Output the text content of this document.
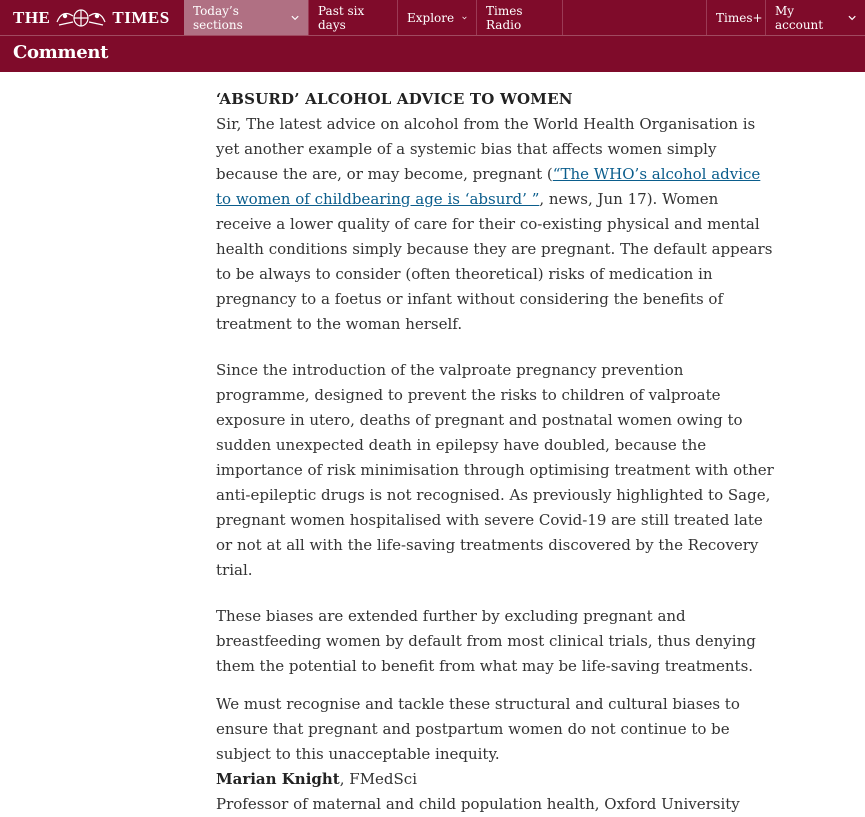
THE	TIMES Today’s sections
Past six days	Explore	Times Radio	Times+ My account
Comment
‘ABSURD’ ALCOHOL ADVICE TO WOMEN

Sir, The latest advice on alcohol from the World Health Organisation is yet another example of a systemic bias that affects women simply because the are, or may become, pregnant (“The WHO’s alcohol advice to women of childbearing age is ‘absurd’ ”, news, Jun 17). Women receive a lower quality of care for their co-existing physical and mental health conditions simply because they are pregnant. The default appears to be always to consider (often theoretical) risks of medication in pregnancy to a foetus or infant without considering the benefits of treatment to the woman herself.

Since the introduction of the valproate pregnancy prevention programme, designed to prevent the risks to children of valproate exposure in utero, deaths of pregnant and postnatal women owing to sudden unexpected death in epilepsy have doubled, because the importance of risk minimisation through optimising treatment with other anti-epileptic drugs is not recognised. As previously highlighted to Sage, pregnant women hospitalised with severe Covid-19 are still treated late or not at all with the life-saving treatments discovered by the Recovery trial.

These biases are extended further by excluding pregnant and breastfeeding women by default from most clinical trials, thus denying them the potential to benefit from what may be life-saving treatments.

We must recognise and tackle these structural and cultural biases to ensure that pregnant and postpartum women do not continue to be subject to this unacceptable inequity.

Marian Knight, FMedSci

Professor of maternal and child population health, Oxford University
